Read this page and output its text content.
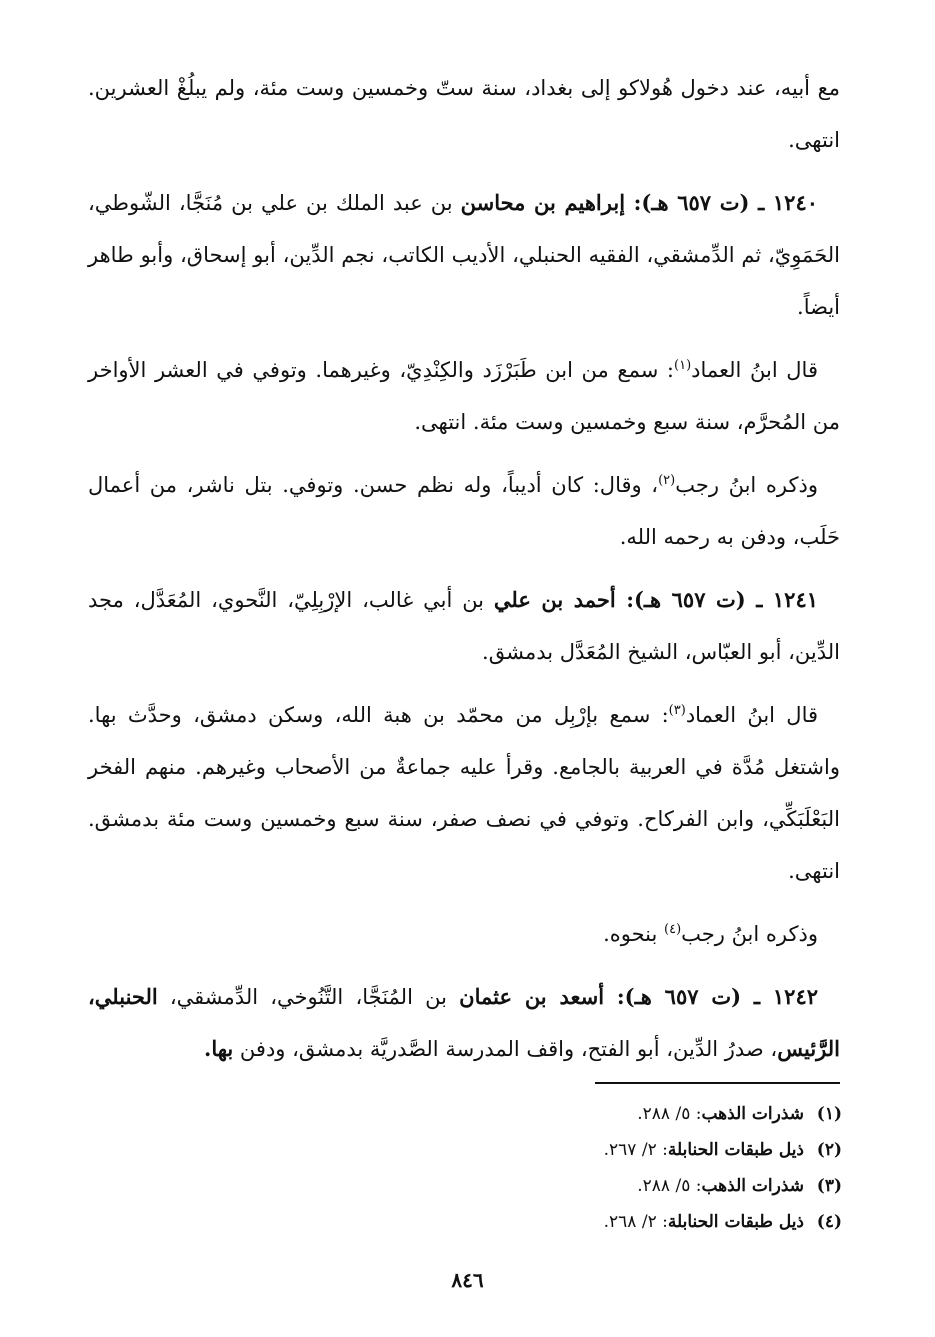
مع أبيه، عند دخول هُولاكو إلى بغداد، سنة ستّ وخمسين وست مئة، ولم يبلُغْ العشرين. انتهى.

١٢٤٠ ـ (ت ٦٥٧ هـ): إبراهيم بن محاسن بن عبد الملك بن علي بن مُنَجَّا، الشّوطي، الحَمَوِيّ، ثم الدِّمشقي، الفقيه الحنبلي، الأديب الكاتب، نجم الدِّين، أبو إسحاق، وأبو طاهر أيضاً.

قال ابنُ العماد$^{(١)}$: سمع من ابن طَبَرْزَد والكِنْدِيّ، وغيرهما. وتوفي في العشر الأواخر من المُحرَّم، سنة سبع وخمسين وست مئة. انتهى.

وذكره ابنُ رجب$^{(٢)}$، وقال: كان أديباً، وله نظم حسن. وتوفي. بتل ناشر، من أعمال حَلَب، ودفن به رحمه الله.

١٢٤١ ـ (ت ٦٥٧ هـ): أحمد بن علي بن أبي غالب، الإرْبِلِيّ، النَّحوي، المُعَدَّل، مجد الدِّين، أبو العبّاس، الشيخ المُعَدَّل بدمشق.

قال ابنُ العماد$^{(٣)}$: سمع بإرْبِل من محمّد بن هبة الله، وسكن دمشق، وحدَّث بها. واشتغل مُدَّة في العربية بالجامع. وقرأ عليه جماعةٌ من الأصحاب وغيرهم. منهم الفخر البَعْلَبَكِّي، وابن الفركاح. وتوفي في نصف صفر، سنة سبع وخمسين وست مئة بدمشق. انتهى.

وذكره ابنُ رجب$^{(٤)}$ بنحوه.

١٢٤٢ ـ (ت ٦٥٧ هـ): أسعد بن عثمان بن المُنَجَّا، التَّنُوخي، الدِّمشقي، الحنبلي، الرَّئيس، صدرُ الدِّين، أبو الفتح، واقف المدرسة الصَّدريَّة بدمشق، ودفن بها.

(١)شذرات الذهب: ٥/ ٢٨٨.
(٢)ذيل طبقات الحنابلة: ٢/ ٢٦٧.
(٣)شذرات الذهب: ٥/ ٢٨٨.
(٤)ذيل طبقات الحنابلة: ٢/ ٢٦٨.
٨٤٦
